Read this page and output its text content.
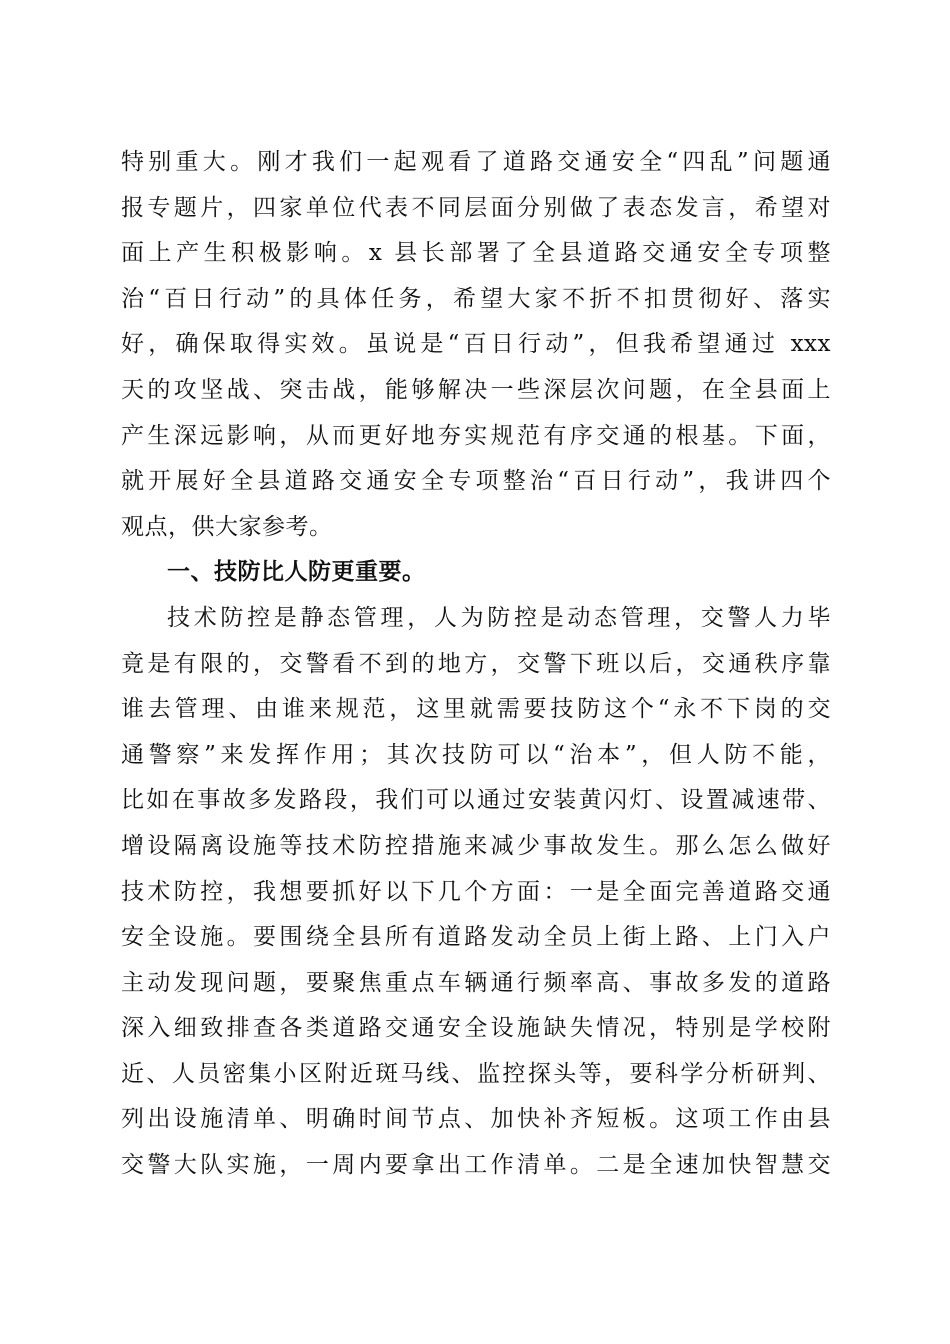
特别重大。刚才我们一起观看了道路交通安全“四乱”问题通
报专题片，四家单位代表不同层面分别做了表态发言，希望对
面上产生积极影响。x 县长部署了全县道路交通安全专项整
治“百日行动”的具体任务，希望大家不折不扣贯彻好、落实
好，确保取得实效。虽说是“百日行动”，但我希望通过 xxx
天的攻坚战、突击战，能够解决一些深层次问题，在全县面上
产生深远影响，从而更好地夯实规范有序交通的根基。下面，
就开展好全县道路交通安全专项整治“百日行动”，我讲四个
观点，供大家参考。
一、技防比人防更重要。
技术防控是静态管理，人为防控是动态管理，交警人力毕
竟是有限的，交警看不到的地方，交警下班以后，交通秩序靠
谁去管理、由谁来规范，这里就需要技防这个“永不下岗的交
通警察”来发挥作用；其次技防可以“治本”，但人防不能，
比如在事故多发路段，我们可以通过安装黄闪灯、设置减速带、
增设隔离设施等技术防控措施来减少事故发生。那么怎么做好
技术防控，我想要抓好以下几个方面：一是全面完善道路交通
安全设施。要围绕全县所有道路发动全员上街上路、上门入户
主动发现问题，要聚焦重点车辆通行频率高、事故多发的道路
深入细致排查各类道路交通安全设施缺失情况，特别是学校附
近、人员密集小区附近斑马线、监控探头等，要科学分析研判、
列出设施清单、明确时间节点、加快补齐短板。这项工作由县
交警大队实施，一周内要拿出工作清单。二是全速加快智慧交
